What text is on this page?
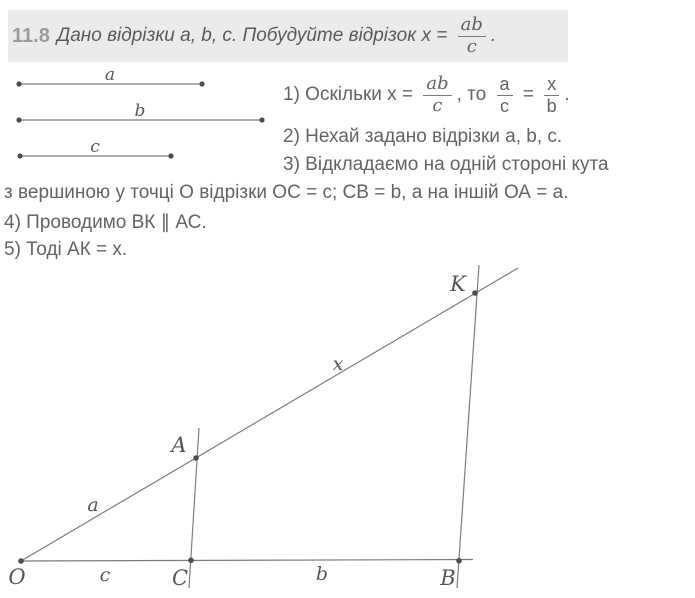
11.8 Дано відрізки a, b, c. Побудуйте відрізок $x = \frac{ab}{c}$ .
a
b
c
1) Оскільки $x = \frac{ab}{c}$ , то $\frac{a}{c} = \frac{x}{b}$ .
2) Нехай задано відрізки a, b, c.
3) Відкладаємо на одній стороні кута
з вершиною у точці О відрізки ОС = с; СВ = b, а на іншій ОА = а.
4) Проводимо ВК ∥ АС.
5) Тоді АК = х.
O	C	B
A
K
c	b
a
x
